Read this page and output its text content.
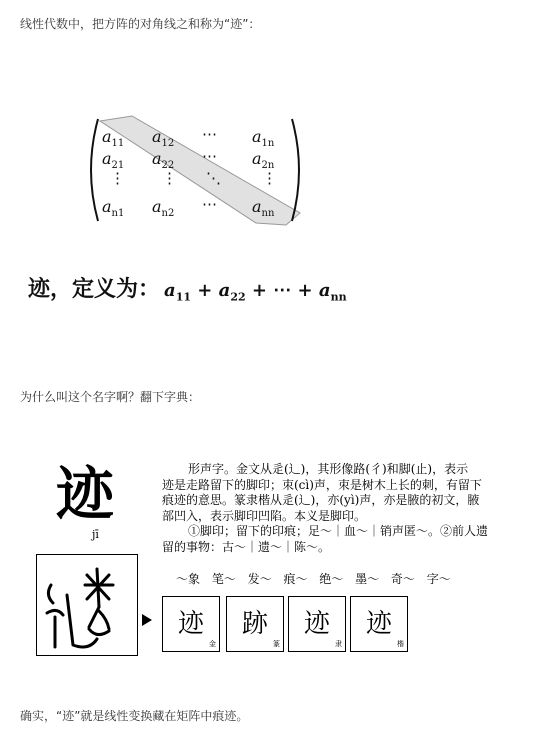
线性代数中，把方阵的对角线之和称为“迹”：
$a_{11}$ $a_{12}$
⋯ $a_{1n}$
$a_{21}$ $a_{22}$
⋯ $a_{2n}$
⋮ ⋮ ⋱	⋮
$a_{n1}$ $a_{n2}$
⋯ $a_{nn}$
迹，定义为： $a_{11} + a_{22}$ + ⋯ + $a_{nn}$
为什么叫这个名字啊？翻下字典：
迹
jī
迹
金
跡
篆
迹
隶
迹
楷

形声字。金文从辵(辶)，其形像路(彳)和脚(止)，表示

迹是走路留下的脚印；朿(cì)声，朿是树木上长的刺，有留下

痕迹的意思。篆隶楷从辵(辶)，亦(yì)声，亦是腋的初文，腋

部凹入，表示脚印凹陷。本义是脚印。

①脚印；留下的印痕；足～｜血～｜销声匿～。②前人遗

留的事物：古～｜遗～｜陈～。

～象 笔～ 发～ 痕～ 绝～ 墨～ 奇～ 字～
确实，“迹”就是线性变换藏在矩阵中痕迹。
